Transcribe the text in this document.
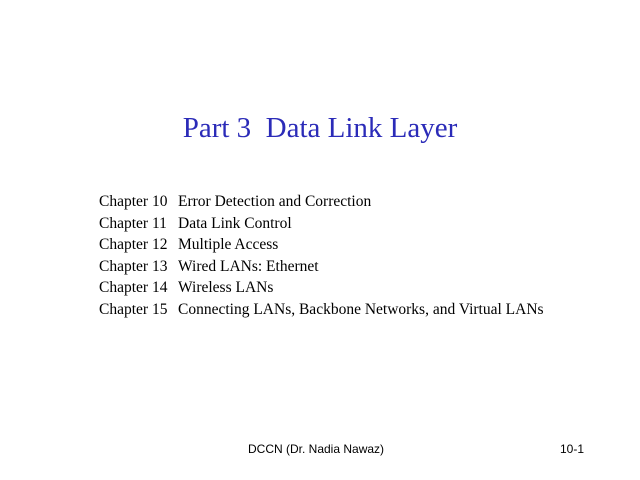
Part 3  Data Link Layer
Chapter 10 Error Detection and Correction
Chapter 11 Data Link Control
Chapter 12 Multiple Access
Chapter 13 Wired LANs: Ethernet
Chapter 14 Wireless LANs
Chapter 15 Connecting LANs, Backbone Networks, and Virtual LANs
DCCN (Dr. Nadia Nawaz)	10-1
